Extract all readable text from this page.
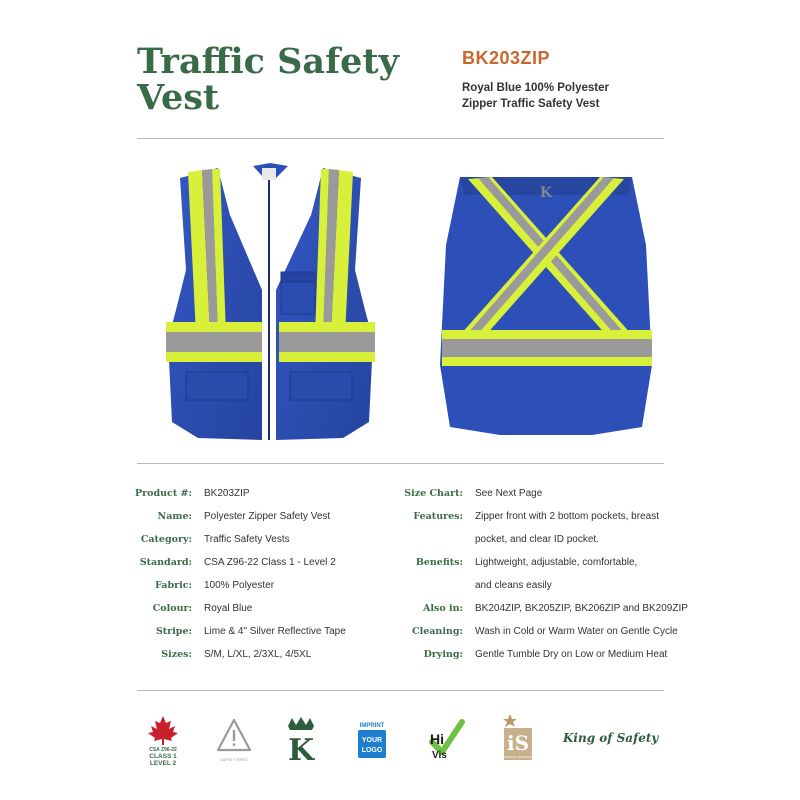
Traffic Safety Vest
BK203ZIP
Royal Blue 100% Polyester
Zipper Traffic Safety Vest
K
Product #: BK203ZIP
Name: Polyester Zipper Safety Vest
Category: Traffic Safety Vests
Standard: CSA Z96-22 Class 1 - Level 2
Fabric: 100% Polyester
Colour: Royal Blue
Stripe: Lime & 4" Silver Reflective Tape
Sizes: S/M, L/XL, 2/3XL, 4/5XL
Size Chart: See Next Page
Features: Zipper front with 2 bottom pockets, breast
pocket, and clear ID pocket.
Benefits: Lightweight, adjustable, comfortable,
and cleans easily
Also in: BK204ZIP, BK205ZIP, BK206ZIP and BK209ZIP
Cleaning: Wash in Cold or Warm Water on Gentle Cycle
Drying: Gentle Tumble Dry on Low or Medium Heat
CSA Z96-22
CLASS 1
LEVEL 2
SAFETY FIRST K
IMPRINT
YOUR
LOGO
Hi
Vis
iS
INDUSTRY STANDARD
King of Safety
